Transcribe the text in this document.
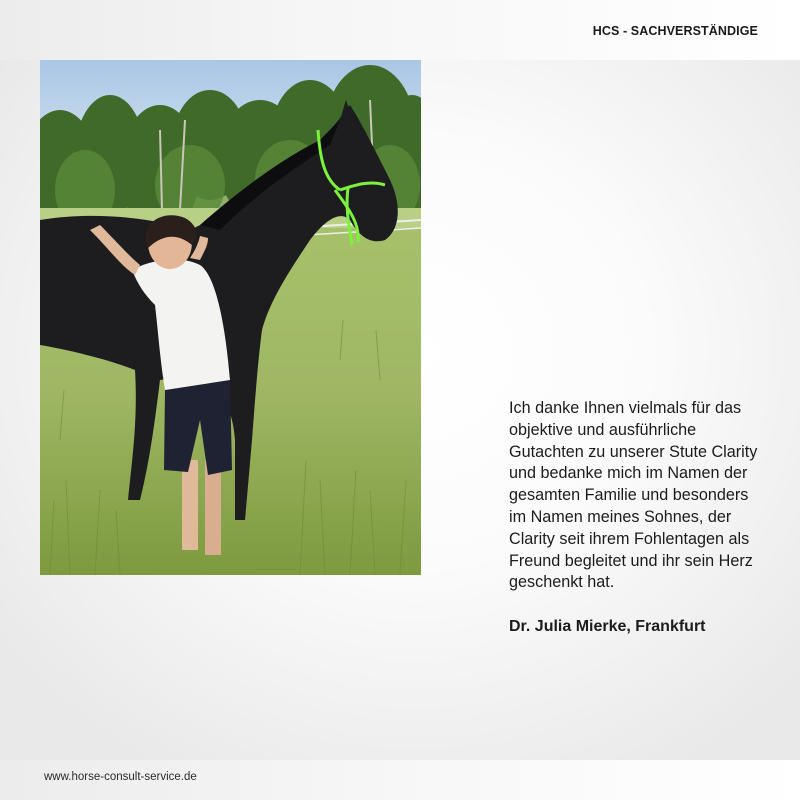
HCS - SACHVERSTÄNDIGE

Ich danke Ihnen vielmals für das objektive und ausführliche Gutachten zu unserer Stute Clarity und bedanke mich im Namen der gesamten Familie und besonders im Namen meines Sohnes, der Clarity seit ihrem Fohlentagen als Freund begleitet und ihr sein Herz geschenkt hat.

Dr. Julia Mierke, Frankfurt
www.horse-consult-service.de
